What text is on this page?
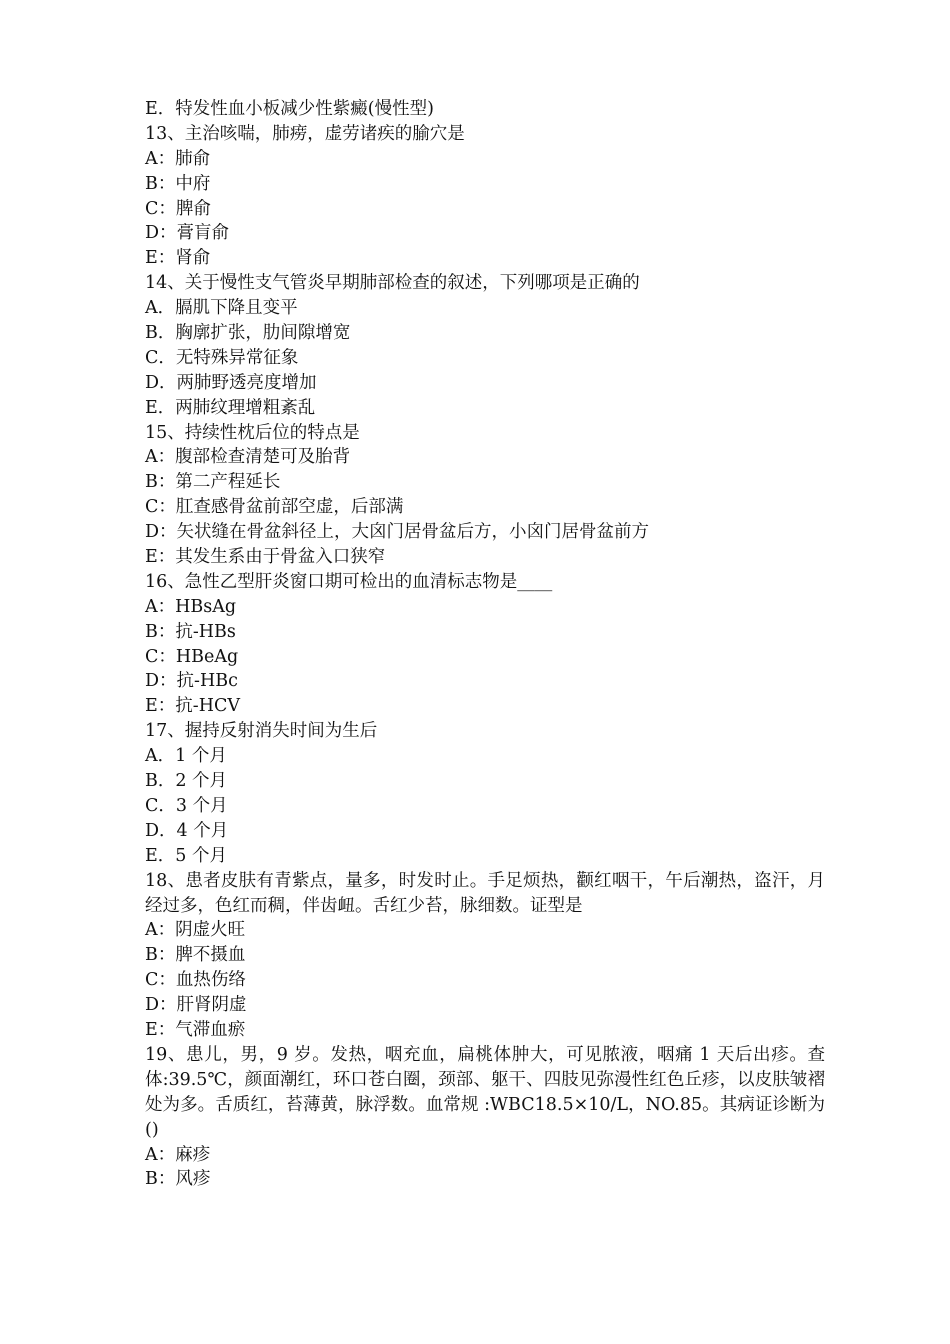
E．特发性血小板减少性紫癜(慢性型)
13、主治咳喘，肺痨，虚劳诸疾的腧穴是
A：肺俞
B：中府
C：脾俞
D：膏肓俞
E：肾俞
14、关于慢性支气管炎早期肺部检查的叙述，下列哪项是正确的
A．膈肌下降且变平
B．胸廓扩张，肋间隙增宽
C．无特殊异常征象
D．两肺野透亮度增加
E．两肺纹理增粗紊乱
15、持续性枕后位的特点是
A：腹部检查清楚可及胎背
B：第二产程延长
C：肛查感骨盆前部空虚，后部满
D：矢状缝在骨盆斜径上，大囟门居骨盆后方，小囟门居骨盆前方
E：其发生系由于骨盆入口狭窄
16、急性乙型肝炎窗口期可检出的血清标志物是____
A：HBsAg
B：抗-HBs
C：HBeAg
D：抗-HBc
E：抗-HCV
17、握持反射消失时间为生后
A．1 个月
B．2 个月
C．3 个月
D．4 个月
E．5 个月
18、患者皮肤有青紫点，量多，时发时止。手足烦热，颧红咽干，午后潮热，盗汗，月经过多，色红而稠，伴齿衄。舌红少苔，脉细数。证型是
A：阴虚火旺
B：脾不摄血
C：血热伤络
D：肝肾阴虚
E：气滞血瘀
19、患儿，男，9 岁。发热，咽充血，扁桃体肿大，可见脓液，咽痛 1 天后出疹。查体:39.5℃，颜面潮红，环口苍白圈，颈部、躯干、四肢见弥漫性红色丘疹，以皮肤皱褶处为多。舌质红，苔薄黄，脉浮数。血常规 :WBC18.5×10/L，NO.85。其病证诊断为()
A：麻疹
B：风疹
